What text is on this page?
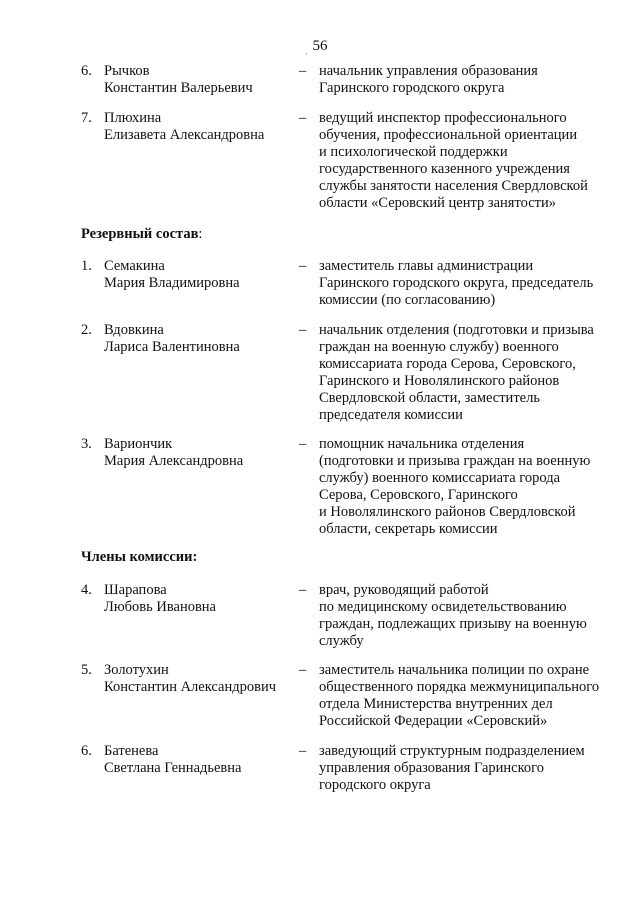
56
·
Резервный состав:
Члены комиссии:
6. Рычков
Константин Валерьевич
– начальник управления образования
Гаринского городского округа
7. Плюхина
Елизавета Александровна
– ведущий инспектор профессионального
обучения, профессиональной ориентации
и психологической поддержки
государственного казенного учреждения
службы занятости населения Свердловской
области «Серовский центр занятости»
1. Семакина
Мария Владимировна
– заместитель главы администрации
Гаринского городского округа, председатель
комиссии (по согласованию)
2. Вдовкина
Лариса Валентиновна
– начальник отделения (подготовки и призыва
граждан на военную службу) военного
комиссариата города Серова, Серовского,
Гаринского и Новолялинского районов
Свердловской области, заместитель
председателя комиссии
3. Вариончик
Мария Александровна
– помощник начальника отделения
(подготовки и призыва граждан на военную
службу) военного комиссариата города
Серова, Серовского, Гаринского
и Новолялинского районов Свердловской
области, секретарь комиссии
4. Шарапова
Любовь Ивановна
– врач, руководящий работой
по медицинскому освидетельствованию
граждан, подлежащих призыву на военную
службу
5. Золотухин
Константин Александрович
– заместитель начальника полиции по охране
общественного порядка межмуниципального
отдела Министерства внутренних дел
Российской Федерации «Серовский»
6. Батенева
Светлана Геннадьевна
– заведующий структурным подразделением
управления образования Гаринского
городского округа
